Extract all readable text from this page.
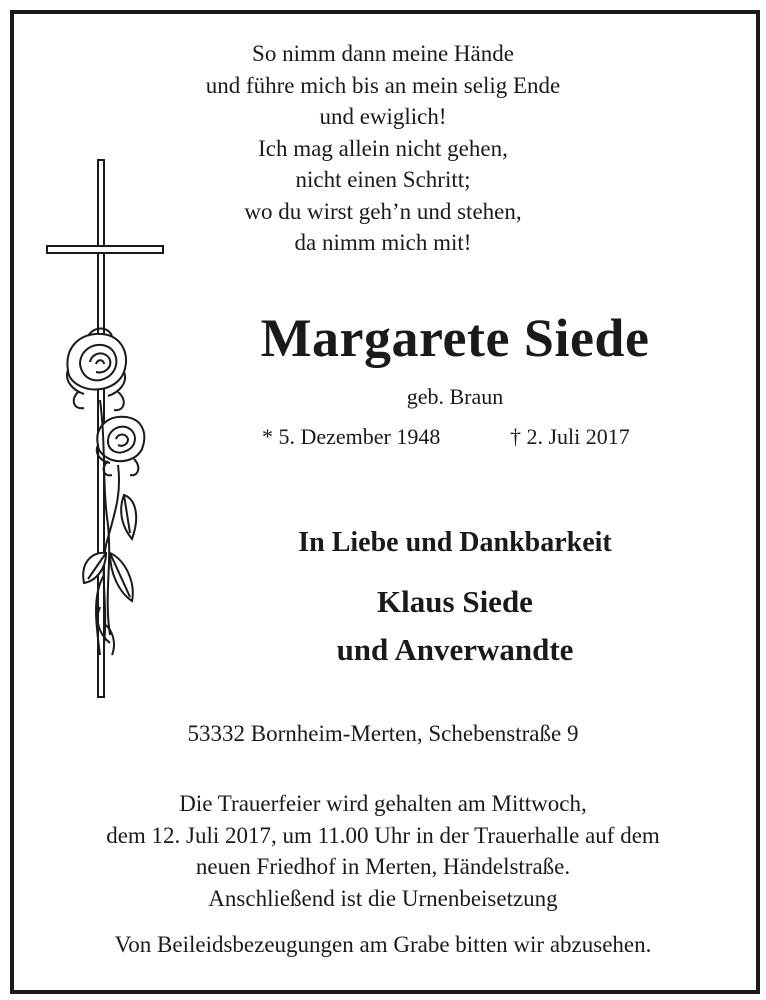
So nimm dann meine Hände
und führe mich bis an mein selig Ende
und ewiglich!
Ich mag allein nicht gehen,
nicht einen Schritt;
wo du wirst geh’n und stehen,
da nimm mich mit!
Margarete Siede
geb. Braun
* 5. Dezember 1948	† 2. Juli 2017
In Liebe und Dankbarkeit
Klaus Siede
und Anverwandte
53332 Bornheim-Merten, Schebenstraße 9
Die Trauerfeier wird gehalten am Mittwoch,
dem 12. Juli 2017, um 11.00 Uhr in der Trauerhalle auf dem
neuen Friedhof in Merten, Händelstraße.
Anschließend ist die Urnenbeisetzung
Von Beileidsbezeugungen am Grabe bitten wir abzusehen.
